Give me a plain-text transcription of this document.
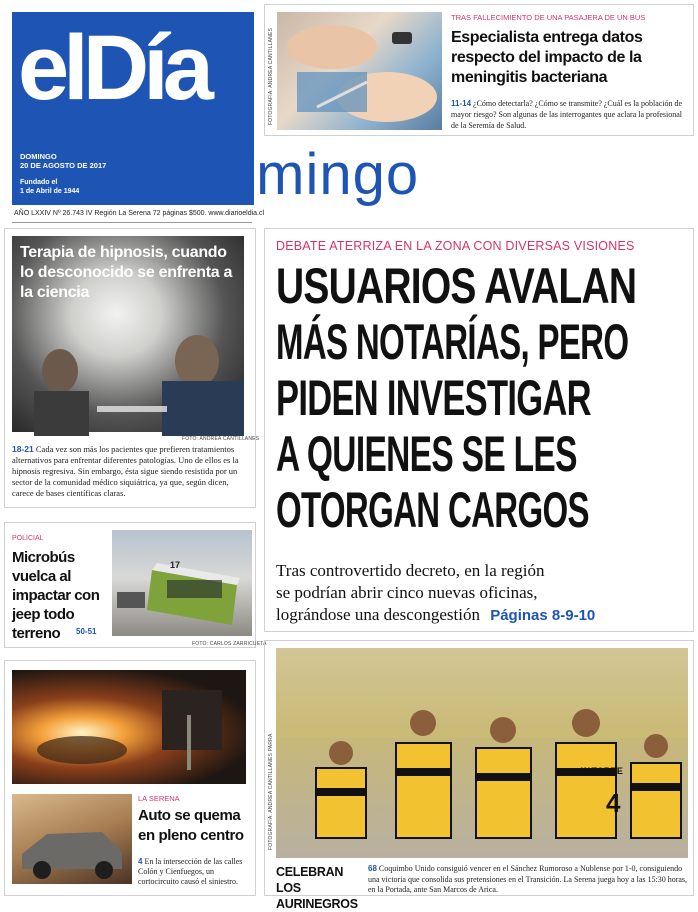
elDía
DOMINGO
20 DE AGOSTO DE 2017
Fundado el
1 de Abril de 1944 Domingo
AÑO LXXIV Nº 26.743 IV Región La Serena 72 páginas $500. www.diarioeldia.cl
FOTOGRAFÍA: ANDREA CANTILLANES
TRAS FALLECIMIENTO DE UNA PASAJERA DE UN BUS
Especialista entrega datos respecto del impacto de la meningitis bacteriana
11-14 ¿Cómo detectarla? ¿Cómo se transmite? ¿Cuál es la población de mayor riesgo? Son algunas de las interrogantes que aclara la profesional de la Seremía de Salud.
Terapia de hipnosis, cuando lo desconocido se enfrenta a la ciencia
FOTO: ANDREA CANTILLANES
18-21 Cada vez son más los pacientes que prefieren tratamientos alternativos para enfrentar diferentes patologías. Uno de ellos es la hipnosis regresiva. Sin embargo, ésta sigue siendo resistida por un sector de la comunidad médico siquiátrica, ya que, según dicen, carece de bases científicas claras.
DEBATE ATERRIZA EN LA ZONA CON DIVERSAS VISIONES
USUARIOS AVALAN
MÁS NOTARÍAS, PERO
PIDEN INVESTIGAR
A QUIENES SE LES
OTORGAN CARGOS
Tras controvertido decreto, en la región
se podrían abrir cinco nuevas oficinas,
lográndose una descongestión Páginas 8-9-10
POLICIAL
Microbús vuelca al impactar con jeep todo terreno	50-51
17
FOTO: CARLOS ZARRICUETA
LA SERENA
Auto se quema en pleno centro
4 En la intersección de las calles Colón y Cienfuegos, un cortocircuito causó el siniestro.
W.TORRE
4
FOTOGRAFÍA: ANDREA CANTILLANES PARRA
CELEBRAN LOS AURINEGROS
68 Coquimbo Unido consiguió vencer en el Sánchez Rumoroso a Nublense por 1-0, consiguiendo una victoria que consolida sus pretensiones en el Transición. La Serena juega hoy a las 15:30 horas, en la Portada, ante San Marcos de Arica.
